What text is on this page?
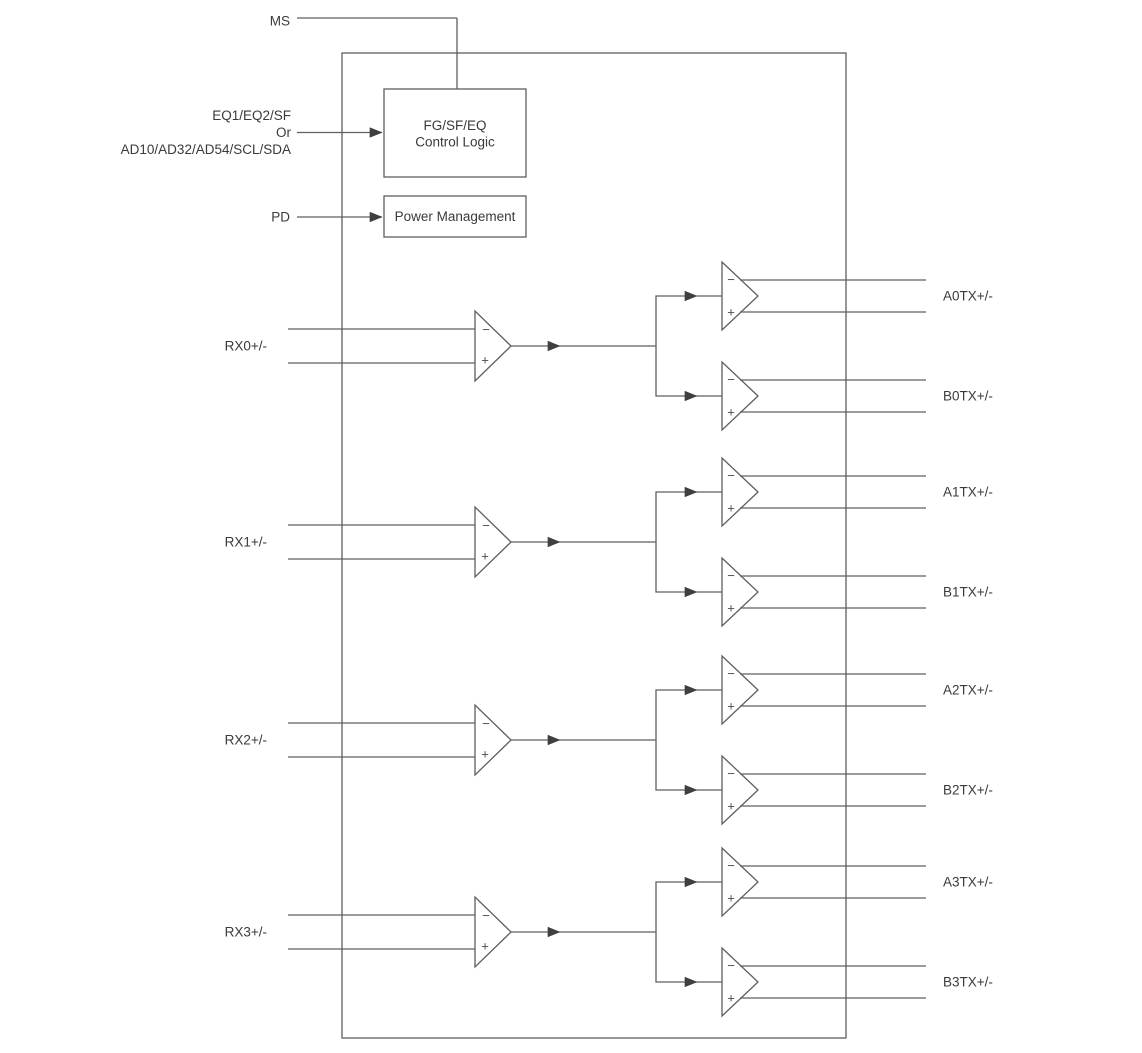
MS
EQ1/EQ2/SF
Or
AD10/AD32/AD54/SCL/SDA
FG/SF/EQ
Control Logic
PD	Power Management
RX0+/-
−
+
−
+
A0TX+/-
−
+
B0TX+/-
RX1+/-
−
+
−
+
A1TX+/-
−
+
B1TX+/-
RX2+/-
−
+
−
+
A2TX+/-
−
+
B2TX+/-
RX3+/-
−
+
−
+
A3TX+/-
−
+
B3TX+/-
